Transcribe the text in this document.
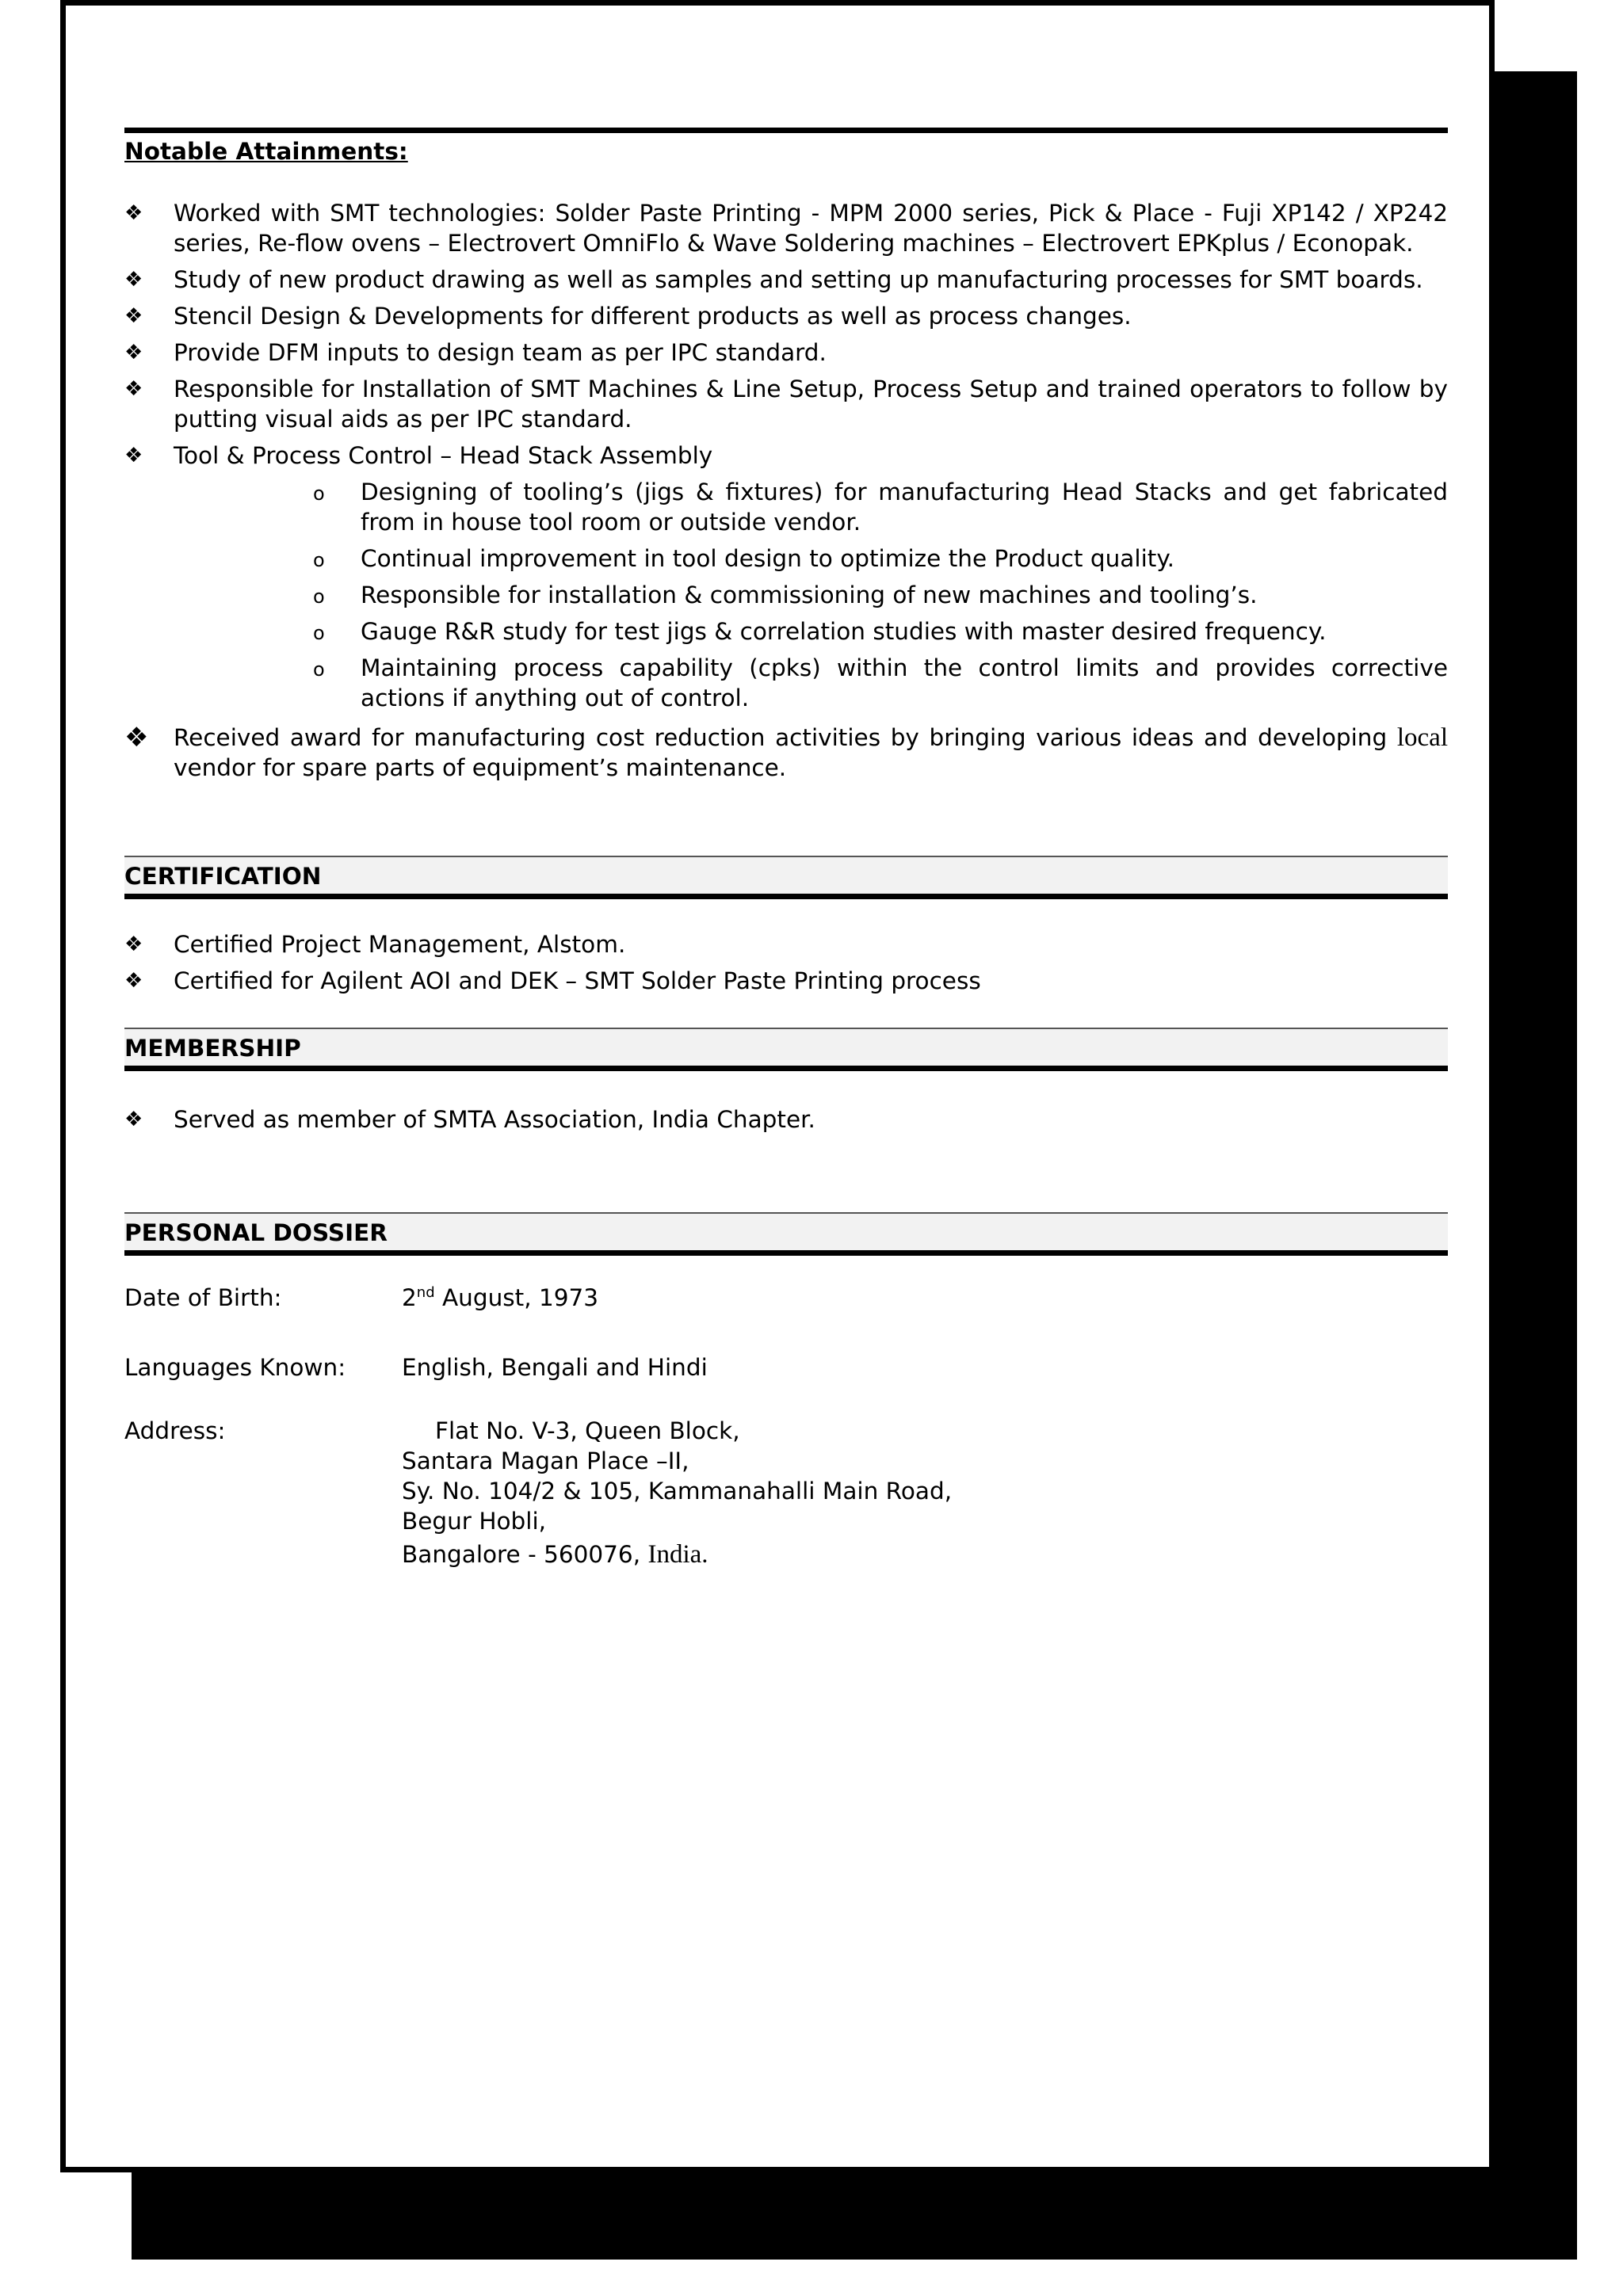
Notable Attainments:
❖ Worked with SMT technologies: Solder Paste Printing - MPM 2000 series, Pick & Place - Fuji XP142 / XP242 series, Re-flow ovens – Electrovert OmniFlo & Wave Soldering machines – Electrovert EPKplus / Econopak.
❖ Study of new product drawing as well as samples and setting up manufacturing processes for SMT boards.
❖ Stencil Design & Developments for different products as well as process changes.
❖ Provide DFM inputs to design team as per IPC standard.
❖ Responsible for Installation of SMT Machines & Line Setup, Process Setup and trained operators to follow by putting visual aids as per IPC standard.
❖ Tool & Process Control – Head Stack Assembly
o Designing of tooling’s (jigs & fixtures) for manufacturing Head Stacks and get fabricated from in house tool room or outside vendor.
o Continual improvement in tool design to optimize the Product quality.
o Responsible for installation & commissioning of new machines and tooling’s.
o Gauge R&R study for test jigs & correlation studies with master desired frequency.
o Maintaining process capability (cpks) within the control limits and provides corrective actions if anything out of control.
❖ Received award for manufacturing cost reduction activities by bringing various ideas and developing local vendor for spare parts of equipment’s maintenance.
CERTIFICATION
❖ Certified Project Management, Alstom.
❖ Certified for Agilent AOI and DEK – SMT Solder Paste Printing process
MEMBERSHIP
❖ Served as member of SMTA Association, India Chapter.
PERSONAL DOSSIER
Date of Birth:	2nd August, 1973
Languages Known:	English, Bengali and Hindi
Address:	Flat No. V-3, Queen Block,
Santara Magan Place –II,
Sy. No. 104/2 & 105, Kammanahalli Main Road,
Begur Hobli,
Bangalore - 560076, India.
